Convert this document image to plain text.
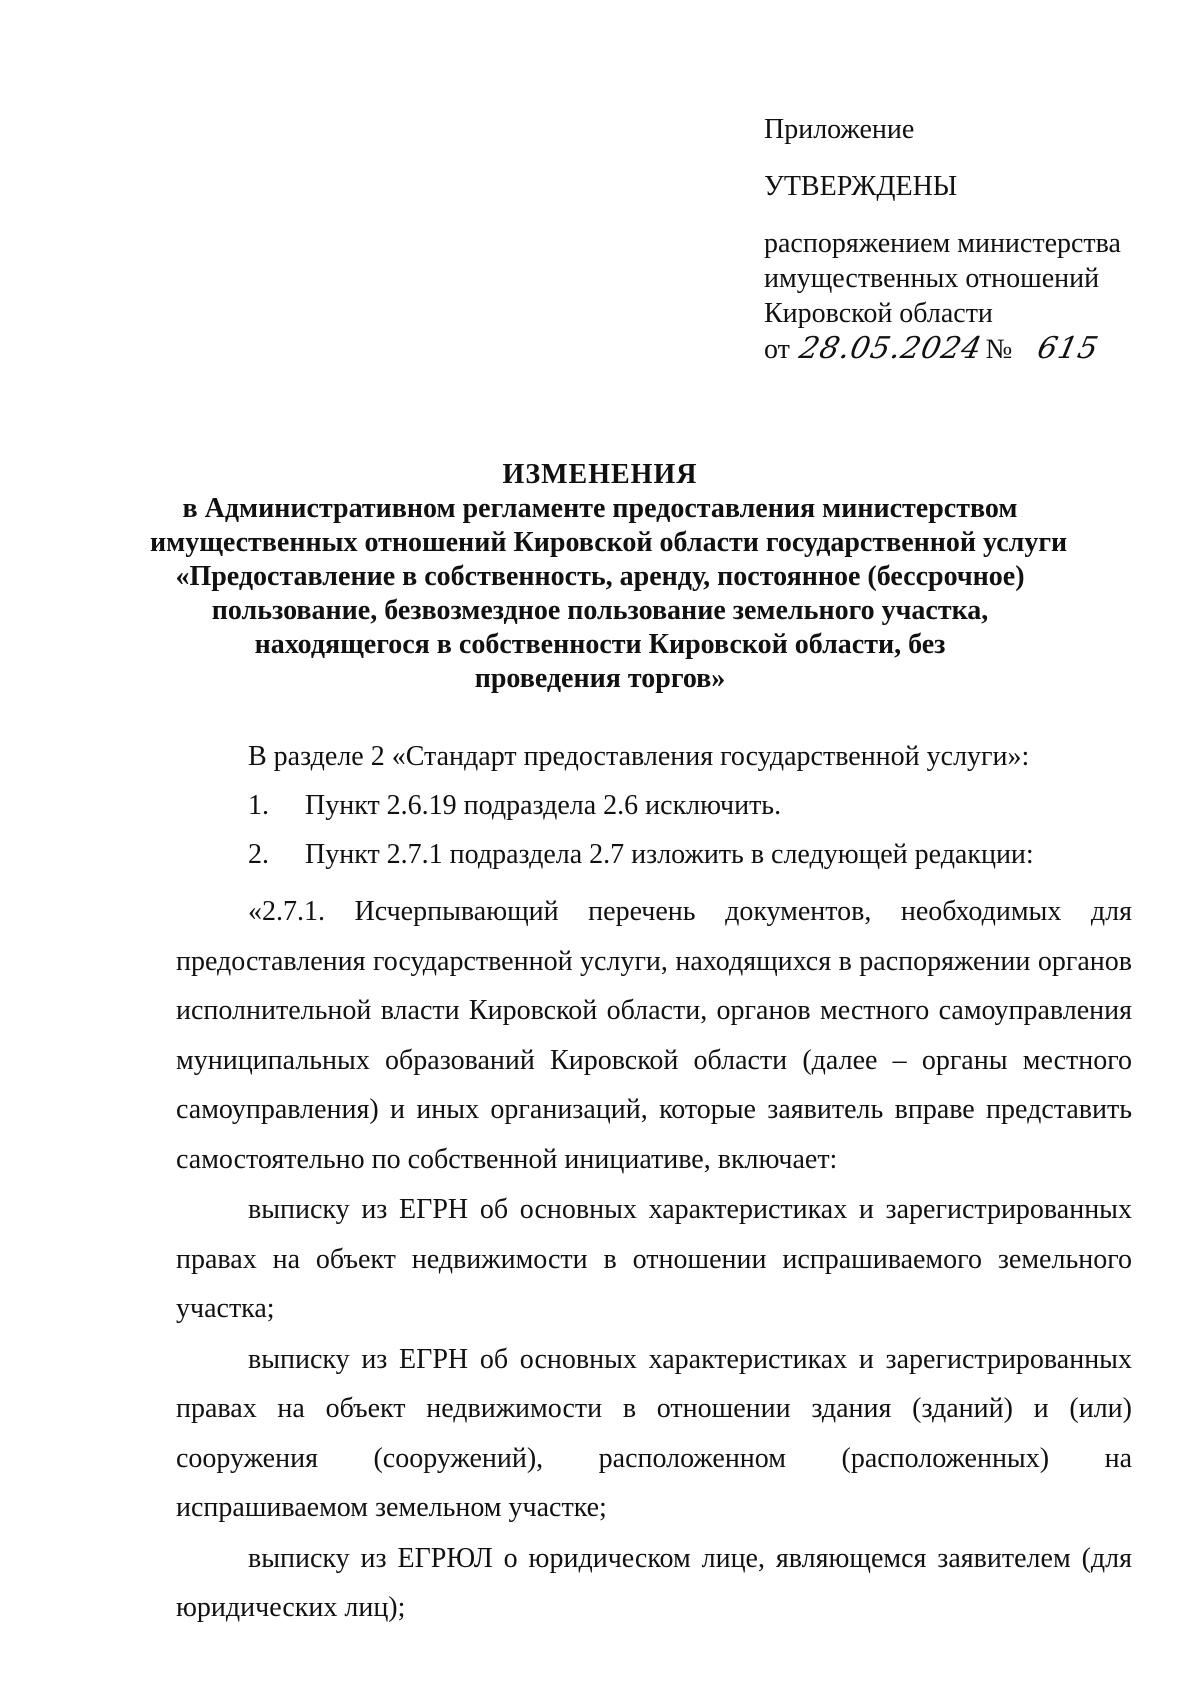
Приложение
УТВЕРЖДЕНЫ
распоряжением министерства
имущественных отношений
Кировской области
от 28.05.2024 № 615
ИЗМЕНЕНИЯ
в Административном регламенте предоставления министерством
имущественных отношений Кировской области государственной услуги
«Предоставление в собственность, аренду, постоянное (бессрочное)
пользование, безвозмездное пользование земельного участка,
находящегося в собственности Кировской области, без
проведения торгов»

В разделе 2 «Стандарт предоставления государственной услуги»:

1.	Пункт 2.6.19 подраздела 2.6 исключить.
2.	Пункт 2.7.1 подраздела 2.7 изложить в следующей редакции:

«2.7.1. Исчерпывающий перечень документов, необходимых для предоставления государственной услуги, находящихся в распоряжении органов исполнительной власти Кировской области, органов местного самоуправления муниципальных образований Кировской области (далее – органы местного самоуправления) и иных организаций, которые заявитель вправе представить самостоятельно по собственной инициативе, включает:

выписку из ЕГРН об основных характеристиках и зарегистрированных правах на объект недвижимости в отношении испрашиваемого земельного участка;

выписку из ЕГРН об основных характеристиках и зарегистрированных правах на объект недвижимости в отношении здания (зданий) и (или) сооружения (сооружений), расположенном (расположенных) на испрашиваемом земельном участке;

выписку из ЕГРЮЛ о юридическом лице, являющемся заявителем (для юридических лиц);
